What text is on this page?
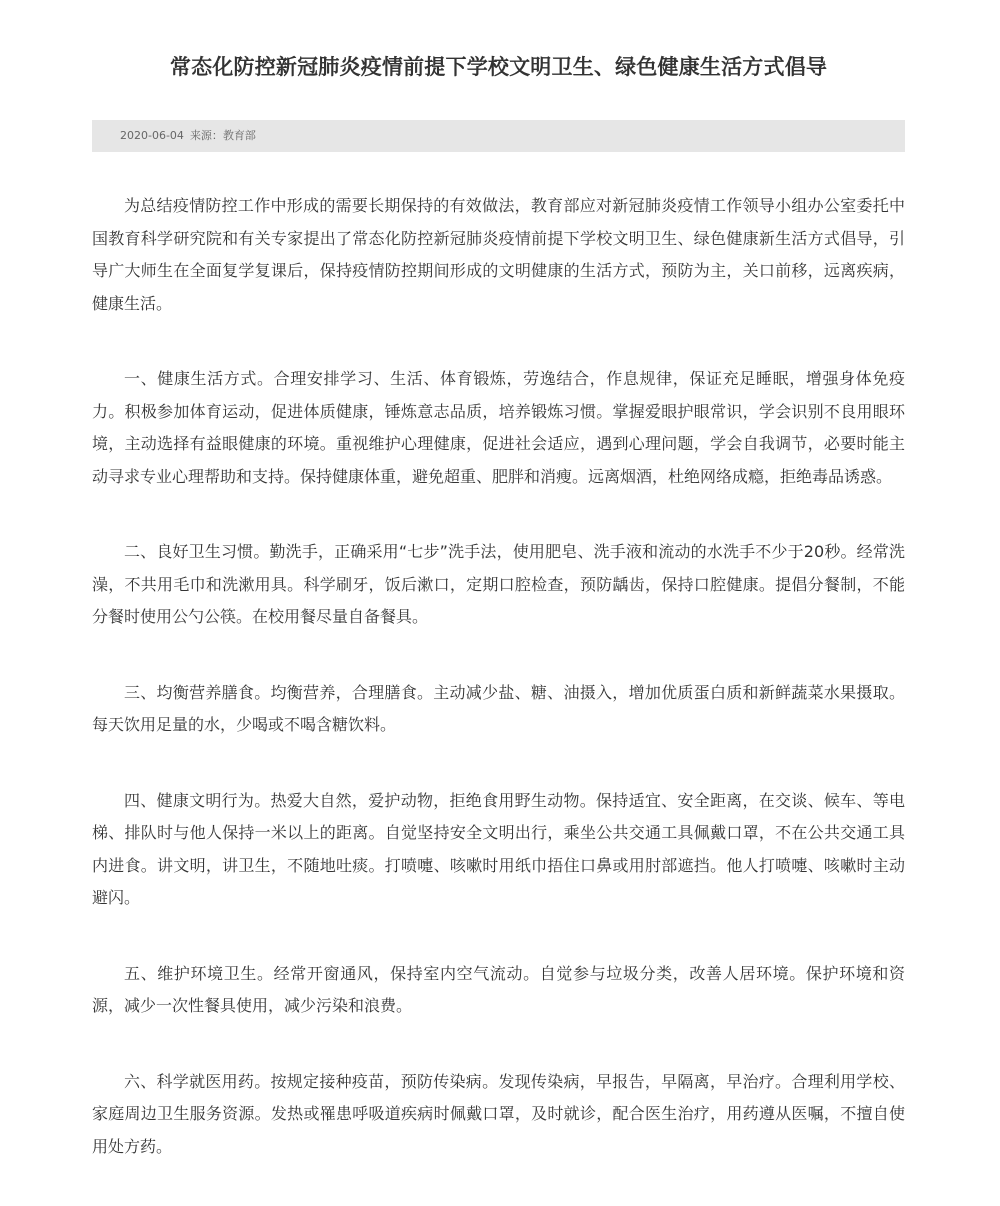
常态化防控新冠肺炎疫情前提下学校文明卫生、绿色健康生活方式倡导
2020-06-04 来源：教育部

为总结疫情防控工作中形成的需要长期保持的有效做法，教育部应对新冠肺炎疫情工作领导小组办公室委托中国教育科学研究院和有关专家提出了常态化防控新冠肺炎疫情前提下学校文明卫生、绿色健康新生活方式倡导，引导广大师生在全面复学复课后，保持疫情防控期间形成的文明健康的生活方式，预防为主，关口前移，远离疾病，健康生活。

一、健康生活方式。合理安排学习、生活、体育锻炼，劳逸结合，作息规律，保证充足睡眠，增强身体免疫力。积极参加体育运动，促进体质健康，锤炼意志品质，培养锻炼习惯。掌握爱眼护眼常识，学会识别不良用眼环境，主动选择有益眼健康的环境。重视维护心理健康，促进社会适应，遇到心理问题，学会自我调节，必要时能主动寻求专业心理帮助和支持。保持健康体重，避免超重、肥胖和消瘦。远离烟酒，杜绝网络成瘾，拒绝毒品诱惑。

二、良好卫生习惯。勤洗手，正确采用“七步”洗手法，使用肥皂、洗手液和流动的水洗手不少于20秒。经常洗澡，不共用毛巾和洗漱用具。科学刷牙，饭后漱口，定期口腔检查，预防龋齿，保持口腔健康。提倡分餐制，不能分餐时使用公勺公筷。在校用餐尽量自备餐具。

三、均衡营养膳食。均衡营养，合理膳食。主动减少盐、糖、油摄入，增加优质蛋白质和新鲜蔬菜水果摄取。每天饮用足量的水，少喝或不喝含糖饮料。

四、健康文明行为。热爱大自然，爱护动物，拒绝食用野生动物。保持适宜、安全距离，在交谈、候车、等电梯、排队时与他人保持一米以上的距离。自觉坚持安全文明出行，乘坐公共交通工具佩戴口罩，不在公共交通工具内进食。讲文明，讲卫生，不随地吐痰。打喷嚏、咳嗽时用纸巾捂住口鼻或用肘部遮挡。他人打喷嚏、咳嗽时主动避闪。

五、维护环境卫生。经常开窗通风，保持室内空气流动。自觉参与垃圾分类，改善人居环境。保护环境和资源，减少一次性餐具使用，减少污染和浪费。

六、科学就医用药。按规定接种疫苗，预防传染病。发现传染病，早报告，早隔离，早治疗。合理利用学校、家庭周边卫生服务资源。发热或罹患呼吸道疾病时佩戴口罩，及时就诊，配合医生治疗，用药遵从医嘱，不擅自使用处方药。
